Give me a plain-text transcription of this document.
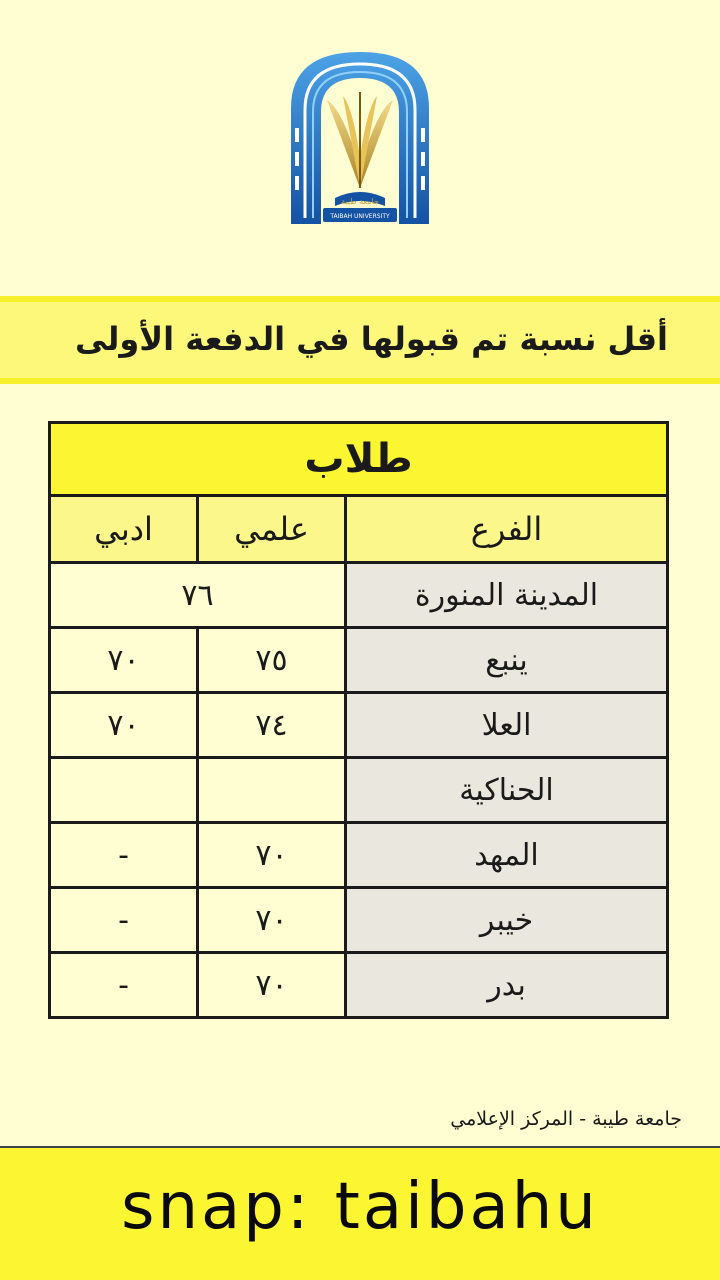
TAIBAH UNIVERSITY
جامعة طيبة
أقل نسبة تم قبولها في الدفعة الأولى
طلاب		
ادبي	علمي	الفرع
٧٦		المدينة المنورة
٧٠	٧٥	ينبع
٧٠	٧٤	العلا
		الحناكية
-	٧٠	المهد
-	٧٠	خيبر
-	٧٠	بدر
جامعة طيبة - المركز الإعلامي
snap: taibahu
